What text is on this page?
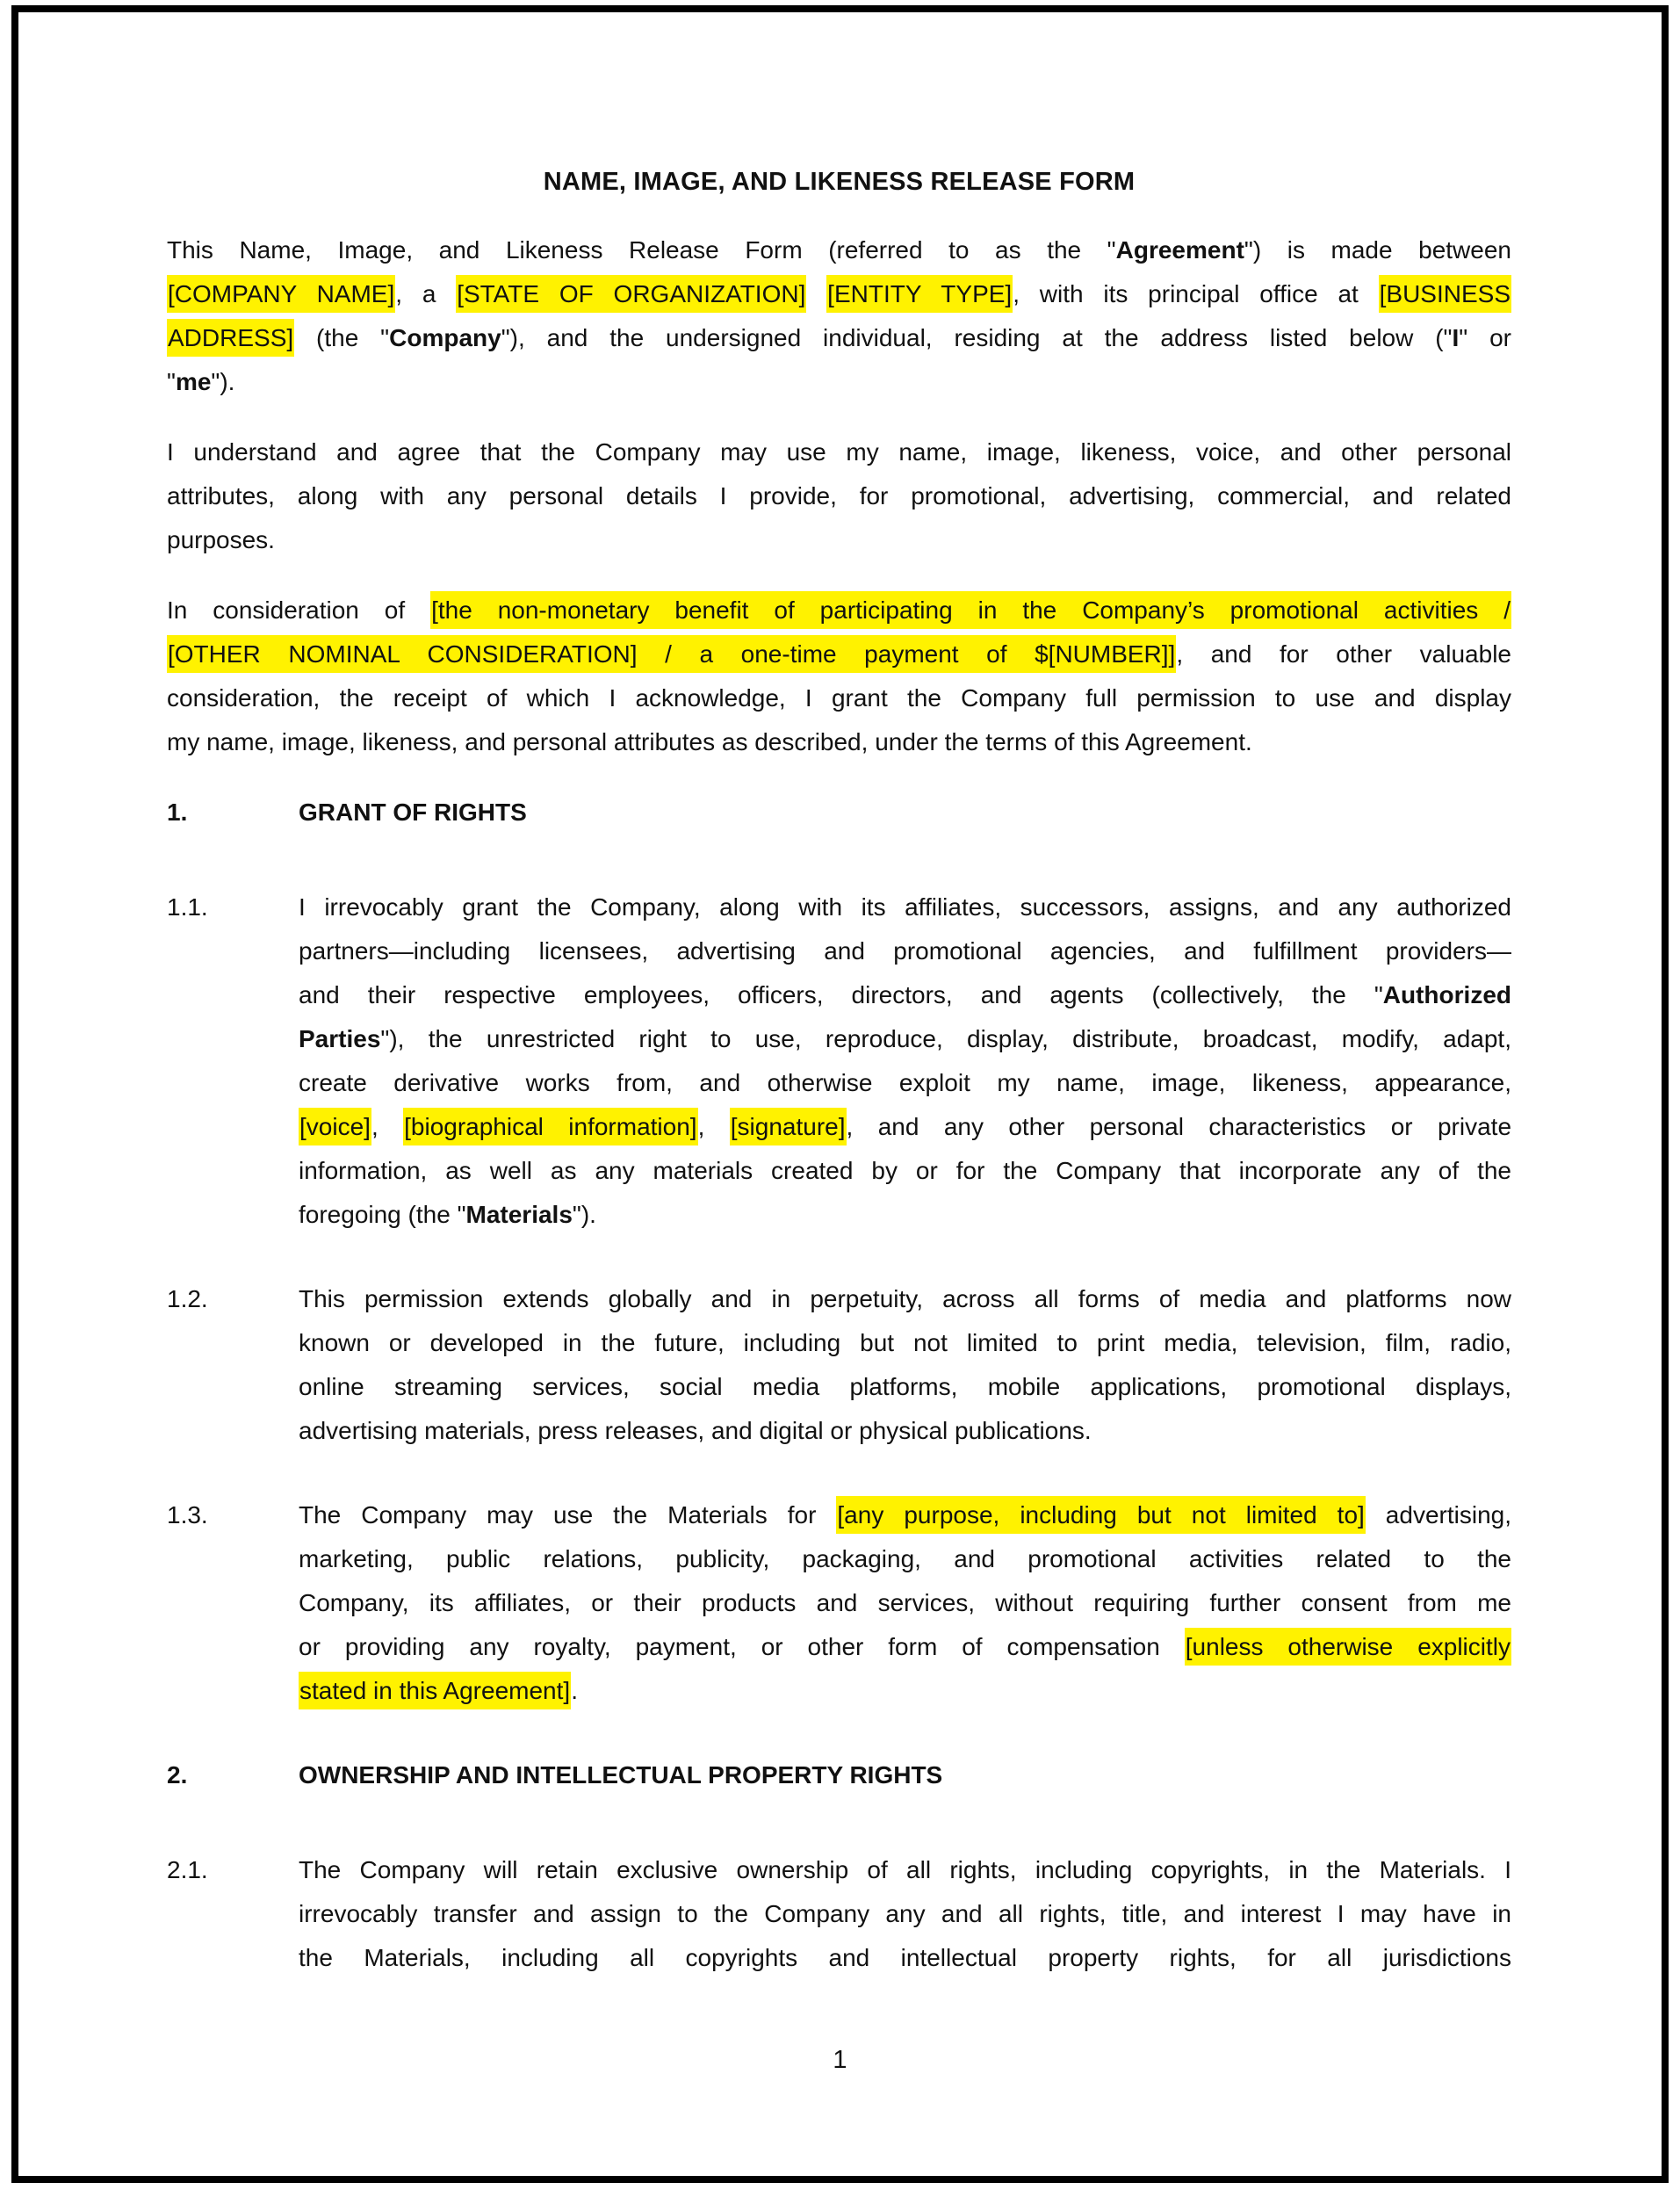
NAME, IMAGE, AND LIKENESS RELEASE FORM
This Name, Image, and Likeness Release Form (referred to as the "Agreement") is made between
[COMPANY NAME], a [STATE OF ORGANIZATION] [ENTITY TYPE], with its principal office at [BUSINESS
ADDRESS] (the "Company"), and the undersigned individual, residing at the address listed below ("I" or
"me").
I understand and agree that the Company may use my name, image, likeness, voice, and other personal
attributes, along with any personal details I provide, for promotional, advertising, commercial, and related
purposes.
In consideration of [the non-monetary benefit of participating in the Company’s promotional activities /
[OTHER NOMINAL CONSIDERATION] / a one-time payment of $[NUMBER]], and for other valuable
consideration, the receipt of which I acknowledge, I grant the Company full permission to use and display
my name, image, likeness, and personal attributes as described, under the terms of this Agreement.
1.	GRANT OF RIGHTS
1.1.	I irrevocably grant the Company, along with its affiliates, successors, assigns, and any authorized
partners—including licensees, advertising and promotional agencies, and fulfillment providers—
and their respective employees, officers, directors, and agents (collectively, the "Authorized
Parties"), the unrestricted right to use, reproduce, display, distribute, broadcast, modify, adapt,
create derivative works from, and otherwise exploit my name, image, likeness, appearance,
[voice], [biographical information], [signature], and any other personal characteristics or private
information, as well as any materials created by or for the Company that incorporate any of the
foregoing (the "Materials").
1.2.	This permission extends globally and in perpetuity, across all forms of media and platforms now
known or developed in the future, including but not limited to print media, television, film, radio,
online streaming services, social media platforms, mobile applications, promotional displays,
advertising materials, press releases, and digital or physical publications.
1.3.	The Company may use the Materials for [any purpose, including but not limited to] advertising,
marketing, public relations, publicity, packaging, and promotional activities related to the
Company, its affiliates, or their products and services, without requiring further consent from me
or providing any royalty, payment, or other form of compensation [unless otherwise explicitly
stated in this Agreement].
2.	OWNERSHIP AND INTELLECTUAL PROPERTY RIGHTS
2.1.	The Company will retain exclusive ownership of all rights, including copyrights, in the Materials. I
irrevocably transfer and assign to the Company any and all rights, title, and interest I may have in
the Materials, including all copyrights and intellectual property rights, for all jurisdictions
1
